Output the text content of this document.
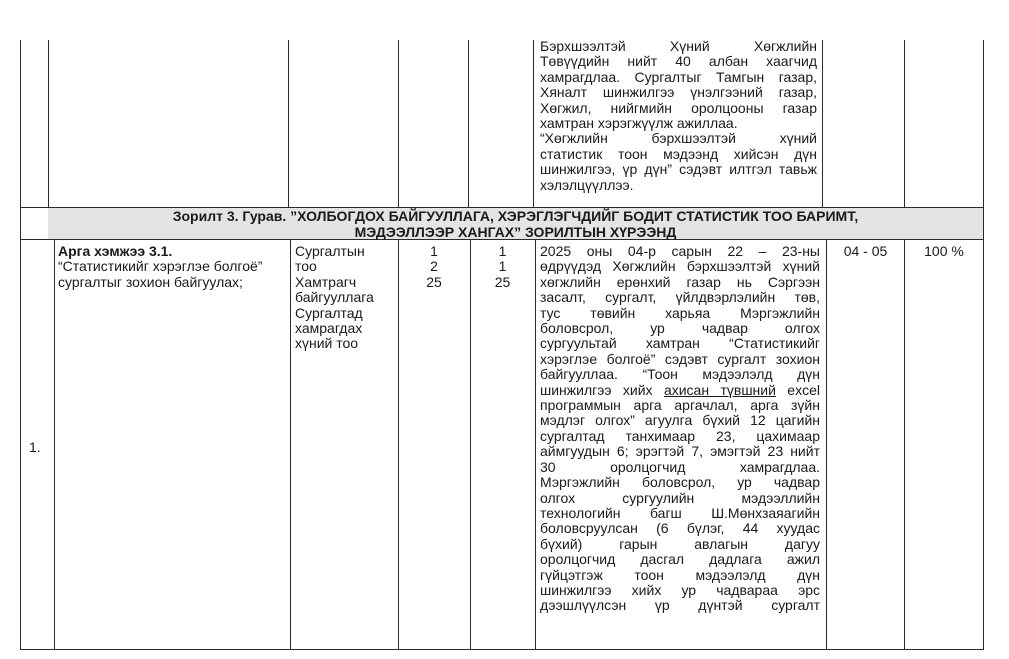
Бэрхшээлтэй Хүний Хөгжлийн
Төвүүдийн нийт 40 албан хаагчид
хамрагдлаа. Сургалтыг Тамгын газар,
Хяналт шинжилгээ үнэлгээний газар,
Хөгжил, нийгмийн оролцооны газар
хамтран хэрэгжүүлж ажиллаа.
“Хөгжлийн бэрхшээлтэй хүний
статистик тоон мэдээнд хийсэн дүн
шинжилгээ, үр дүн” сэдэвт илтгэл тавьж
хэлэлцүүллээ.
Зорилт 3. Гурав. ”ХОЛБОГДОХ БАЙГУУЛЛАГА, ХЭРЭГЛЭГЧДИЙГ БОДИТ СТАТИСТИК ТОО БАРИМТ,
МЭДЭЭЛЛЭЭР ХАНГАХ” ЗОРИЛТЫН ХҮРЭЭНД
1.
Арга хэмжээ 3.1.
“Статистикийг хэрэглэе болгоё”
сургалтыг зохион байгуулах;
Сургалтын
тоо
Хамтрагч
байгууллага
Сургалтад
хамрагдах
хүний тоо
1
2
25
1
1
25
2025 оны 04-р сарын 22 – 23-ны
өдрүүдэд Хөгжлийн бэрхшээлтэй хүний
хөгжлийн ерөнхий газар нь Сэргээн
засалт, сургалт, үйлдвэрлэлийн төв,
тус төвийн харьяа Мэргэжлийн
боловсрол, ур чадвар олгох
сургуультай хамтран “Статистикийг
хэрэглэе болгоё” сэдэвт сургалт зохион
байгууллаа. “Тоон мэдээлэлд дүн
шинжилгээ хийх ахисан түвшний excel
программын арга аргачлал, арга зүйн
мэдлэг олгох” агуулга бүхий 12 цагийн
сургалтад танхимаар 23, цахимаар
аймгуудын 6; эрэгтэй 7, эмэгтэй 23 нийт
30 оролцогчид хамрагдлаа.
Мэргэжлийн боловсрол, ур чадвар
олгох сургуулийн мэдээллийн
технологийн багш Ш.Мөнхзаяагийн
боловсруулсан (6 бүлэг, 44 хуудас
бүхий) гарын авлагын дагуу
оролцогчид дасгал дадлага ажил
гүйцэтгэж тоон мэдээлэлд дүн
шинжилгээ хийх ур чадвараа эрс
дээшлүүлсэн үр дүнтэй сургалт
04 - 05	100 %
